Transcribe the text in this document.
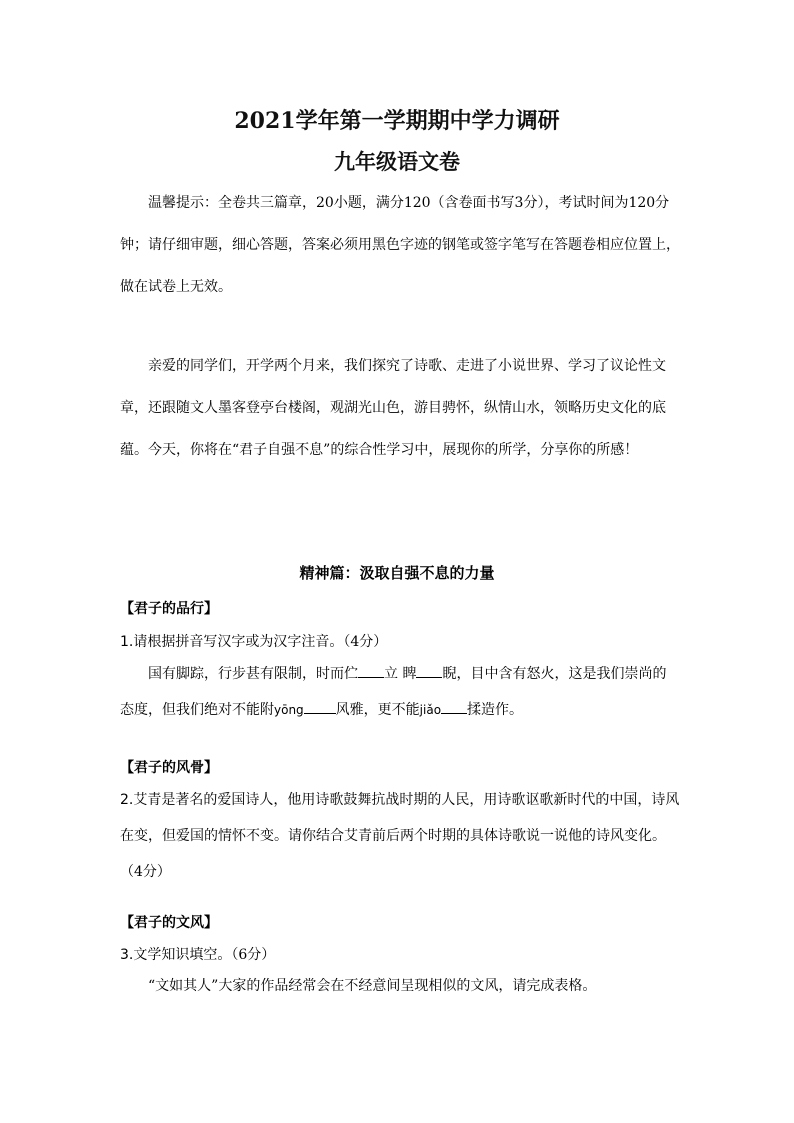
2021学年第一学期期中学力调研
九年级语文卷

温馨提示：全卷共三篇章，20小题，满分120（含卷面书写3分），考试时间为120分钟；请仔细审题，细心答题，答案必须用黑色字迹的钢笔或签字笔写在答题卷相应位置上，做在试卷上无效。

亲爱的同学们，开学两个月来，我们探究了诗歌、走进了小说世界、学习了议论性文章，还跟随文人墨客登亭台楼阁，观湖光山色，游目骋怀，纵情山水，领略历史文化的底蕴。今天，你将在“君子自强不息”的综合性学习中，展现你的所学，分享你的所感！

精神篇：汲取自强不息的力量
【君子的品行】

1.请根据拼音写汉字或为汉字注音。（4分）

国有脚踪，行步甚有限制，时而伫 立 睥 睨，目中含有怒火，这是我们崇尚的态度，但我们绝对不能附yōng 风雅，更不能jiǎo 揉造作。

【君子的风骨】

2.艾青是著名的爱国诗人，他用诗歌鼓舞抗战时期的人民，用诗歌讴歌新时代的中国，诗风在变，但爱国的情怀不变。请你结合艾青前后两个时期的具体诗歌说一说他的诗风变化。
（4分）

【君子的文风】

3.文学知识填空。（6分）

“文如其人”大家的作品经常会在不经意间呈现相似的文风，请完成表格。
